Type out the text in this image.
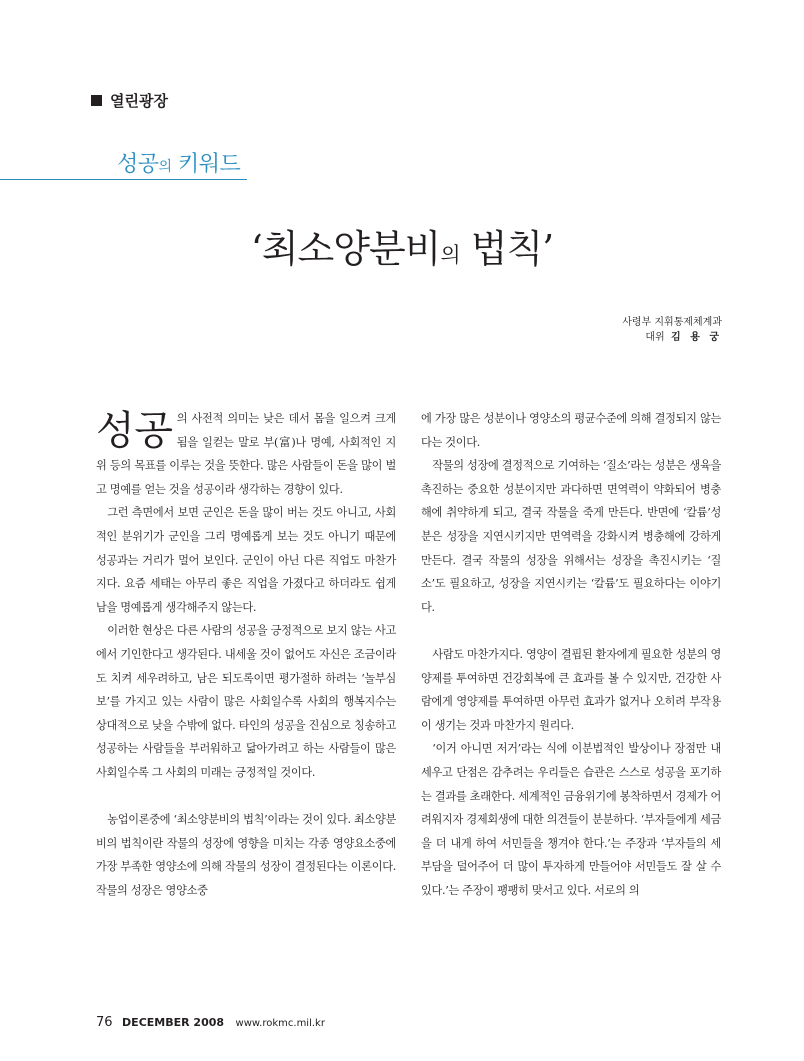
열린광장
성공의 키워드
‘최소양분비의 법칙’
사령부 지휘통제체계과
대위 김 용 궁

성공 의 사전적 의미는 낮은 데서 몸을 일으켜 크게 됨을 일컫는 말로 부(富)나 명예, 사회적인 지위 등의 목표를 이루는 것을 뜻한다. 많은 사람들이 돈을 많이 벌고 명예를 얻는 것을 성공이라 생각하는 경향이 있다.

그런 측면에서 보면 군인은 돈을 많이 버는 것도 아니고, 사회적인 분위기가 군인을 그리 명예롭게 보는 것도 아니기 때문에 성공과는 거리가 멀어 보인다. 군인이 아닌 다른 직업도 마찬가지다. 요즘 세태는 아무리 좋은 직업을 가졌다고 하더라도 쉽게 남을 명예롭게 생각해주지 않는다.

이러한 현상은 다른 사람의 성공을 긍정적으로 보지 않는 사고에서 기인한다고 생각된다. 내세울 것이 없어도 자신은 조금이라도 치켜 세우려하고, 남은 되도록이면 평가절하 하려는 ‘놀부심보’를 가지고 있는 사람이 많은 사회일수록 사회의 행복지수는 상대적으로 낮을 수밖에 없다. 타인의 성공을 진심으로 칭송하고 성공하는 사람들을 부러워하고 닮아가려고 하는 사람들이 많은 사회일수록 그 사회의 미래는 긍정적일 것이다.

농업이론중에 ‘최소양분비의 법칙’이라는 것이 있다. 최소양분비의 법칙이란 작물의 성장에 영향을 미치는 각종 영양요소중에 가장 부족한 영양소에 의해 작물의 성장이 결정된다는 이론이다. 작물의 성장은 영양소중

에 가장 많은 성분이나 영양소의 평균수준에 의해 결정되지 않는다는 것이다.

작물의 성장에 결정적으로 기여하는 ‘질소’라는 성분은 생육을 촉진하는 중요한 성분이지만 과다하면 면역력이 약화되어 병충해에 취약하게 되고, 결국 작물을 죽게 만든다. 반면에 ‘칼륨’성분은 성장을 지연시키지만 면역력을 강화시켜 병충해에 강하게 만든다. 결국 작물의 성장을 위해서는 성장을 촉진시키는 ‘질소’도 필요하고, 성장을 지연시키는 ‘칼륨’도 필요하다는 이야기다.

사람도 마찬가지다. 영양이 결핍된 환자에게 필요한 성분의 영양제를 투여하면 건강회복에 큰 효과를 볼 수 있지만, 건강한 사람에게 영양제를 투여하면 아무런 효과가 없거나 오히려 부작용이 생기는 것과 마찬가지 원리다.

‘이거 아니면 저거’라는 식에 이분법적인 발상이나 장점만 내세우고 단점은 감추려는 우리들은 습관은 스스로 성공을 포기하는 결과를 초래한다. 세계적인 금융위기에 봉착하면서 경제가 어려워지자 경제회생에 대한 의견들이 분분하다. ‘부자들에게 세금을 더 내게 하여 서민들을 챙겨야 한다.’는 주장과 ‘부자들의 세부담을 덜어주어 더 많이 투자하게 만들어야 서민들도 잘 살 수 있다.’는 주장이 팽팽히 맞서고 있다. 서로의 의

76 DECEMBER 2008 www.rokmc.mil.kr
